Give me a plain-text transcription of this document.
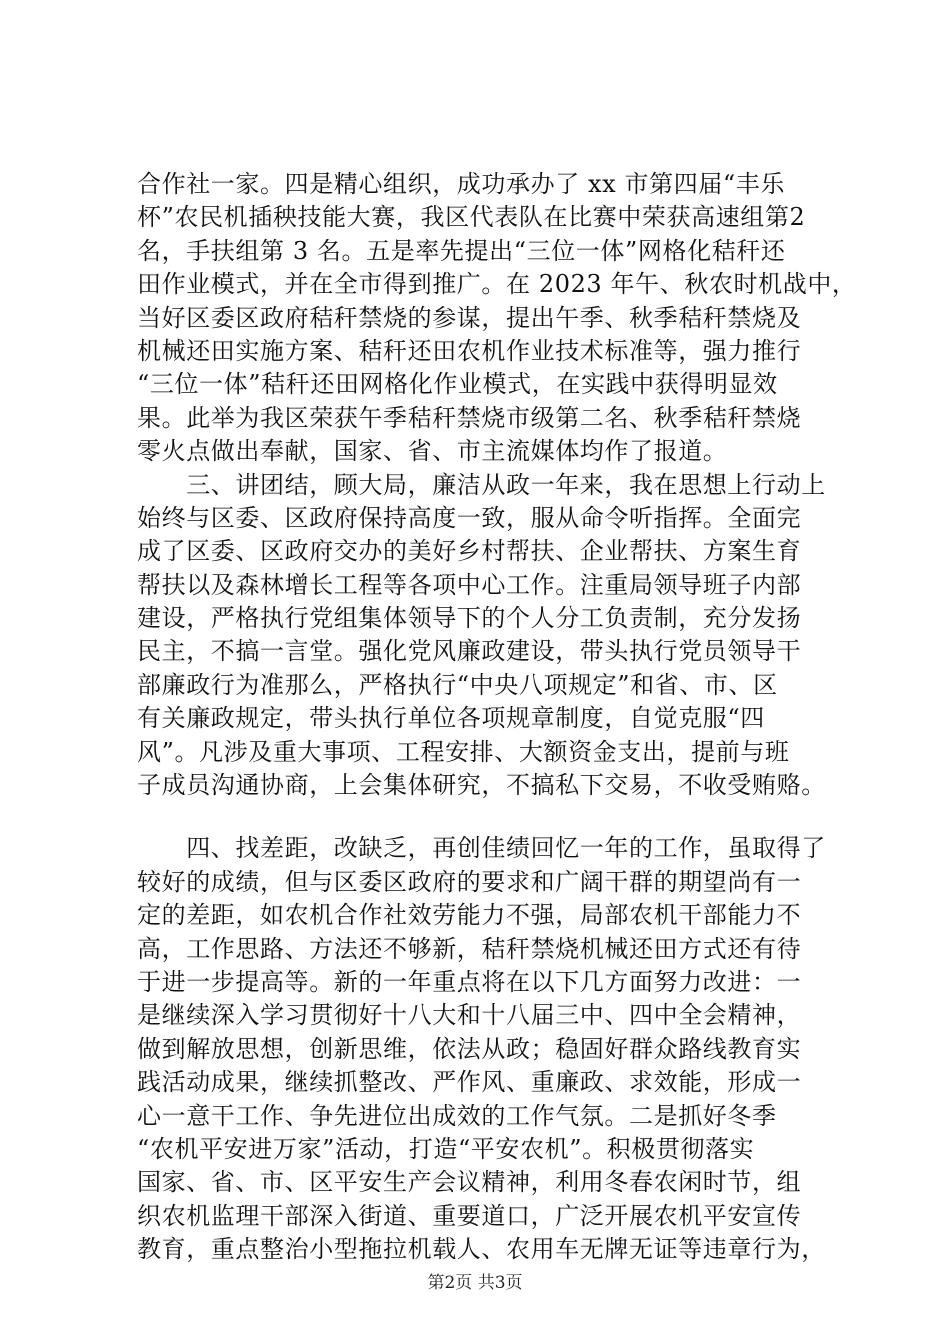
合作社一家。四是精心组织，成功承办了 xx 市第四届“丰乐
杯”农民机插秧技能大赛，我区代表队在比赛中荣获高速组第2
名，手扶组第 3 名。五是率先提出“三位一体”网格化秸秆还
田作业模式，并在全市得到推广。在 2023 年午、秋农时机战中，
当好区委区政府秸秆禁烧的参谋，提出午季、秋季秸秆禁烧及
机械还田实施方案、秸秆还田农机作业技术标准等，强力推行
“三位一体”秸秆还田网格化作业模式，在实践中获得明显效
果。此举为我区荣获午季秸秆禁烧市级第二名、秋季秸秆禁烧
零火点做出奉献，国家、省、市主流媒体均作了报道。
　　三、讲团结，顾大局，廉洁从政一年来，我在思想上行动上
始终与区委、区政府保持高度一致，服从命令听指挥。全面完
成了区委、区政府交办的美好乡村帮扶、企业帮扶、方案生育
帮扶以及森林增长工程等各项中心工作。注重局领导班子内部
建设，严格执行党组集体领导下的个人分工负责制，充分发扬
民主，不搞一言堂。强化党风廉政建设，带头执行党员领导干
部廉政行为准那么，严格执行“中央八项规定”和省、市、区
有关廉政规定，带头执行单位各项规章制度，自觉克服“四
风”。凡涉及重大事项、工程安排、大额资金支出，提前与班
子成员沟通协商，上会集体研究，不搞私下交易，不收受贿赂。
　　四、找差距，改缺乏，再创佳绩回忆一年的工作，虽取得了
较好的成绩，但与区委区政府的要求和广阔干群的期望尚有一
定的差距，如农机合作社效劳能力不强，局部农机干部能力不
高，工作思路、方法还不够新，秸秆禁烧机械还田方式还有待
于进一步提高等。新的一年重点将在以下几方面努力改进：一
是继续深入学习贯彻好十八大和十八届三中、四中全会精神，
做到解放思想，创新思维，依法从政；稳固好群众路线教育实
践活动成果，继续抓整改、严作风、重廉政、求效能，形成一
心一意干工作、争先进位出成效的工作气氛。二是抓好冬季
“农机平安进万家”活动，打造“平安农机”。积极贯彻落实
国家、省、市、区平安生产会议精神，利用冬春农闲时节，组
织农机监理干部深入街道、重要道口，广泛开展农机平安宣传
教育，重点整治小型拖拉机载人、农用车无牌无证等违章行为，
第2页 共3页
